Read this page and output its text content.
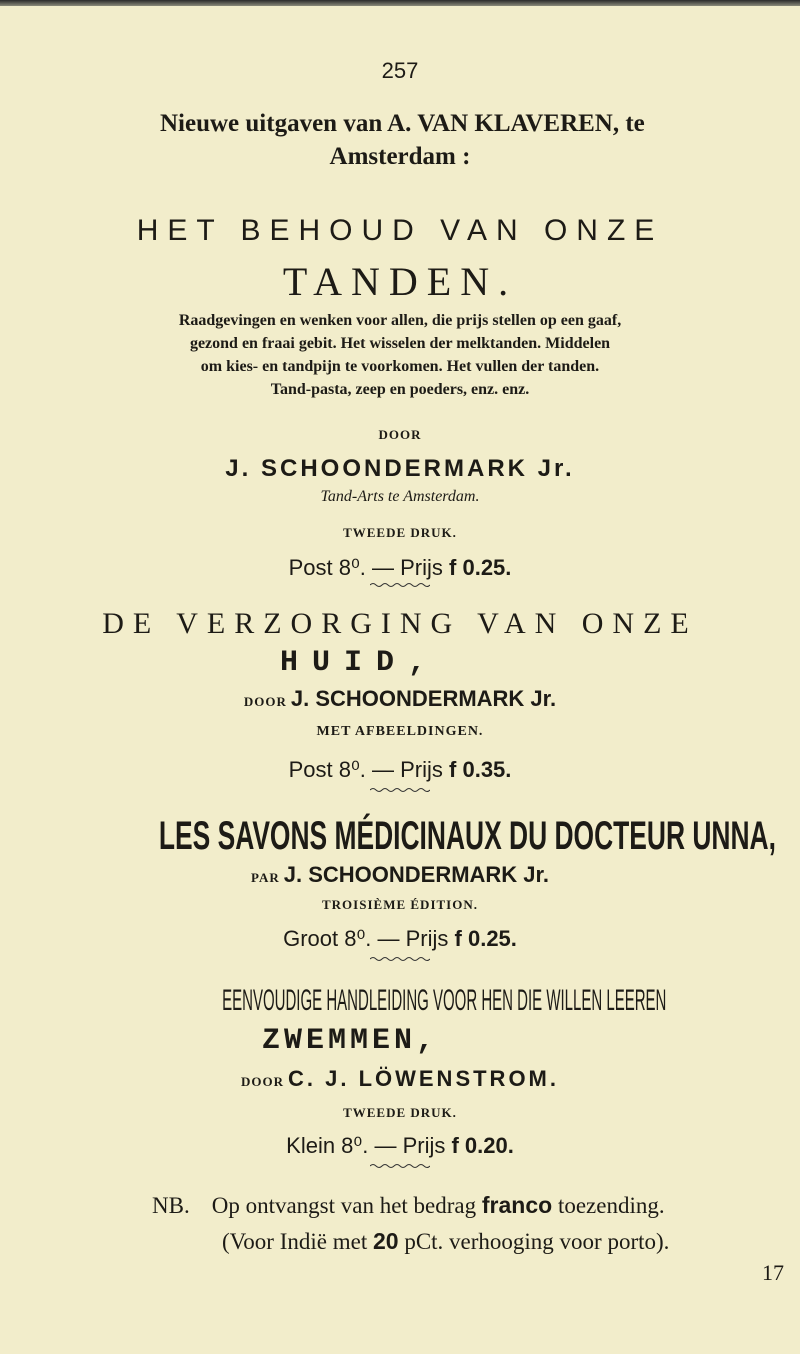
257
Nieuwe uitgaven van A. VAN KLAVEREN, te
Amsterdam :
HET BEHOUD VAN ONZE
TANDEN.
Raadgevingen en wenken voor allen, die prijs stellen op een gaaf,
gezond en fraai gebit. Het wisselen der melktanden. Middelen
om kies- en tandpijn te voorkomen. Het vullen der tanden.
Tand-pasta, zeep en poeders, enz. enz.
DOOR
J. SCHOONDERMARK Jr.
Tand-Arts te Amsterdam.
TWEEDE DRUK.
Post 8⁰. — Prijs f 0.25.
DE VERZORGING VAN ONZE
HUID,
DOOR J. SCHOONDERMARK Jr.
MET AFBEELDINGEN.
Post 8⁰. — Prijs f 0.35.
LES SAVONS MÉDICINAUX DU DOCTEUR UNNA,
PAR J. SCHOONDERMARK Jr.
TROISIÈME ÉDITION.
Groot 8⁰. — Prijs f 0.25.
EENVOUDIGE HANDLEIDING VOOR HEN DIE WILLEN LEEREN
ZWEMMEN,
DOOR C. J. LÖWENSTROM.
TWEEDE DRUK.
Klein 8⁰. — Prijs f 0.20.
NB. Op ontvangst van het bedrag franco toezending.
(Voor Indië met 20 pCt. verhooging voor porto).
17
